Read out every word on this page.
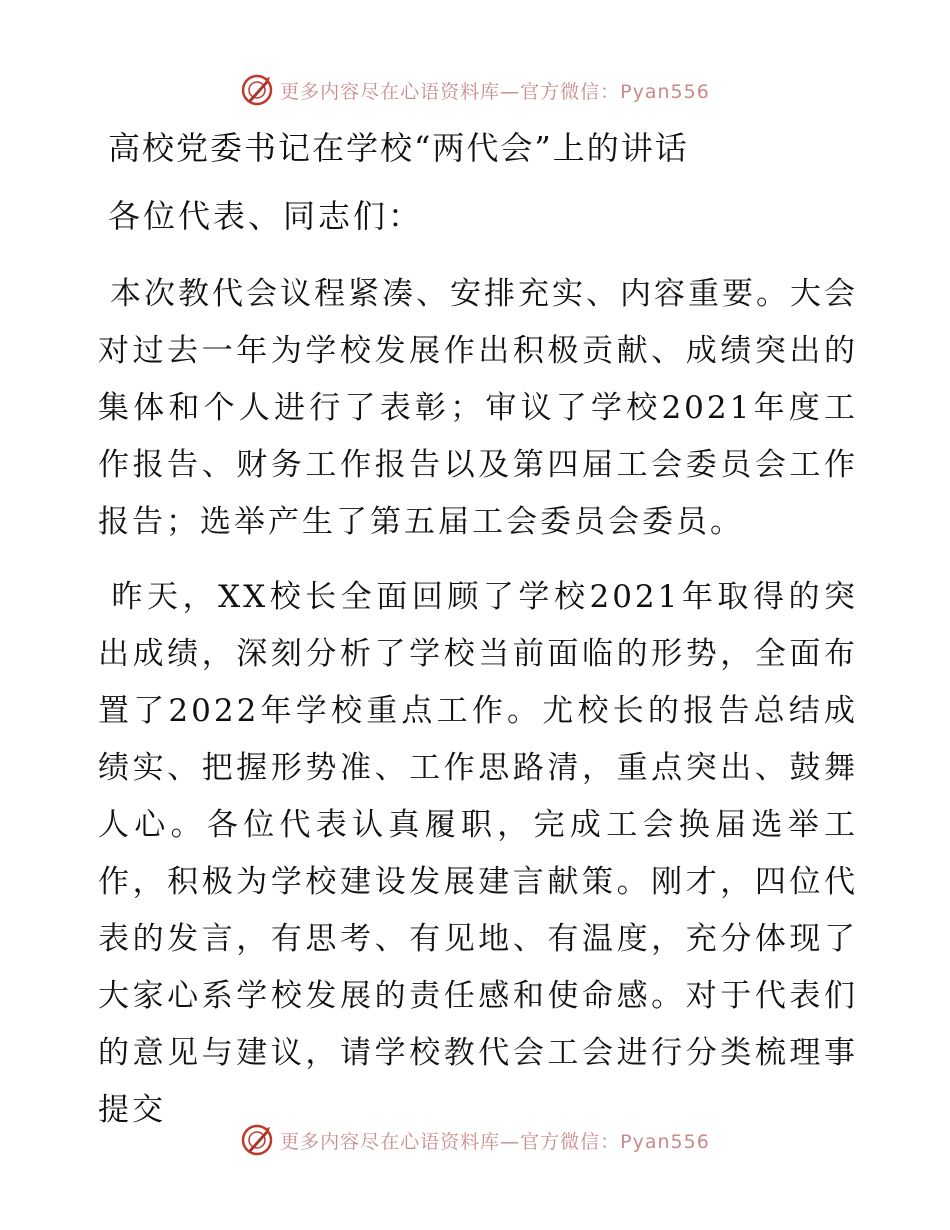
更多内容尽在心语资料库—官方微信：Pyan556
高校党委书记在学校“两代会”上的讲话
各位代表、同志们：

本次教代会议程紧凑、安排充实、内容重要。大会对过去一年为学校发展作出积极贡献、成绩突出的集体和个人进行了表彰；审议了学校2021年度工作报告、财务工作报告以及第四届工会委员会工作报告；选举产生了第五届工会委员会委员。

昨天，XX校长全面回顾了学校2021年取得的突出成绩，深刻分析了学校当前面临的形势，全面布置了2022年学校重点工作。尤校长的报告总结成绩实、把握形势准、工作思路清，重点突出、鼓舞人心。各位代表认真履职，完成工会换届选举工作，积极为学校建设发展建言献策。刚才，四位代表的发言，有思考、有见地、有温度，充分体现了大家心系学校发展的责任感和使命感。对于代表们的意见与建议，请学校教代会工会进行分类梳理事提交

更多内容尽在心语资料库—官方微信：Pyan556
